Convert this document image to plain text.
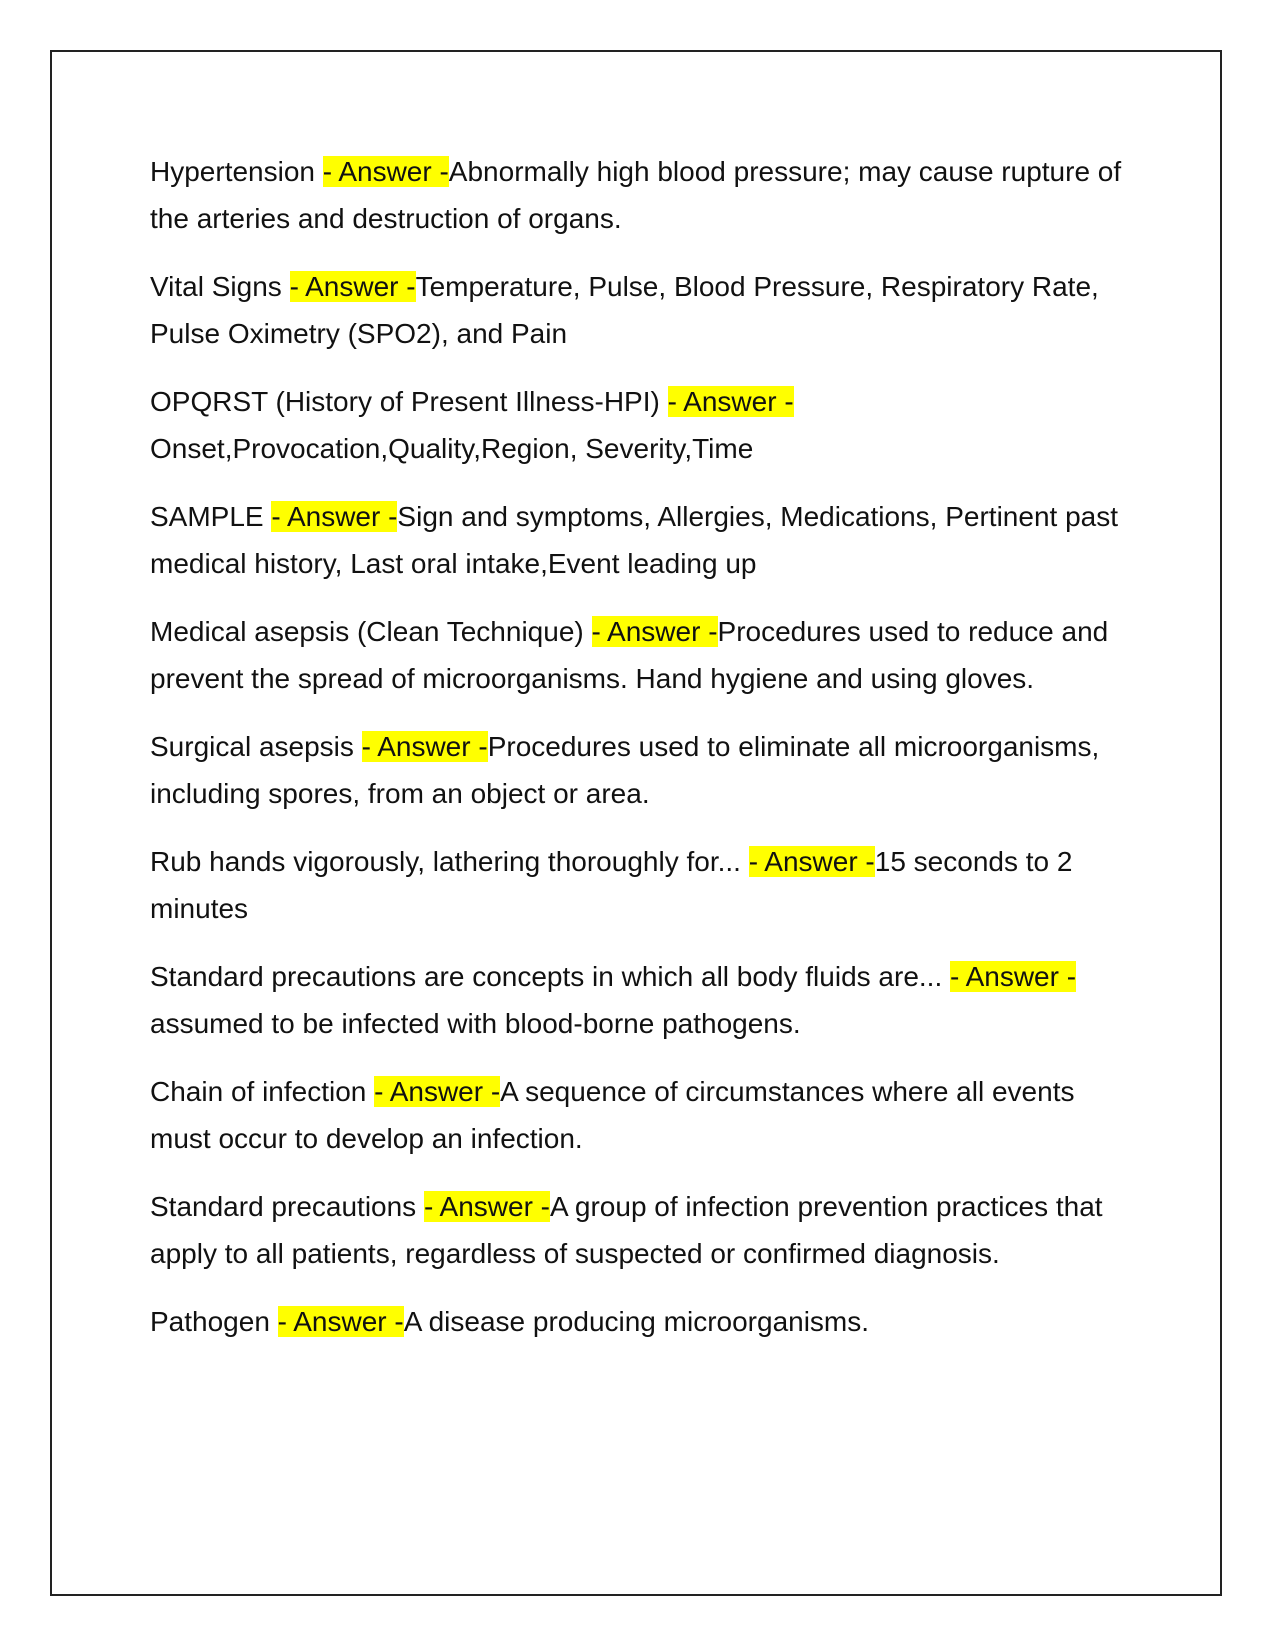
Hypertension - Answer -Abnormally high blood pressure; may cause rupture of the arteries and destruction of organs.

Vital Signs - Answer -Temperature, Pulse, Blood Pressure, Respiratory Rate, Pulse Oximetry (SPO2), and Pain

OPQRST (History of Present Illness-HPI) - Answer -Onset,Provocation,Quality,Region, Severity,Time

SAMPLE - Answer -Sign and symptoms, Allergies, Medications, Pertinent past medical history, Last oral intake,Event leading up

Medical asepsis (Clean Technique) - Answer -Procedures used to reduce and prevent the spread of microorganisms. Hand hygiene and using gloves.

Surgical asepsis - Answer -Procedures used to eliminate all microorganisms, including spores, from an object or area.

Rub hands vigorously, lathering thoroughly for... - Answer -15 seconds to 2 minutes

Standard precautions are concepts in which all body fluids are... - Answer -assumed to be infected with blood-borne pathogens.

Chain of infection - Answer -A sequence of circumstances where all events must occur to develop an infection.

Standard precautions - Answer -A group of infection prevention practices that apply to all patients, regardless of suspected or confirmed diagnosis.

Pathogen - Answer -A disease producing microorganisms.
